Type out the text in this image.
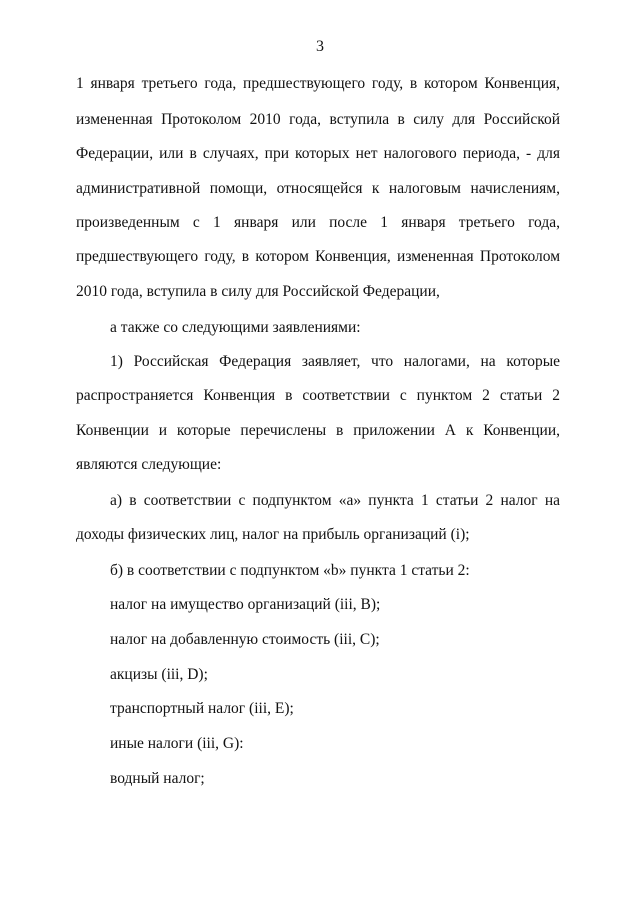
3
1 января третьего года, предшествующего году, в котором Конвенция,
измененная Протоколом 2010 года, вступила в силу для Российской
Федерации, или в случаях, при которых нет налогового периода, - для
административной помощи, относящейся к налоговым начислениям,
произведенным с 1 января или после 1 января третьего года,
предшествующего году, в котором Конвенция, измененная Протоколом
2010 года, вступила в силу для Российской Федерации,
а также со следующими заявлениями:
1) Российская Федерация заявляет, что налогами, на которые
распространяется Конвенция в соответствии с пунктом 2 статьи 2
Конвенции и которые перечислены в приложении А к Конвенции,
являются следующие:
а) в соответствии с подпунктом «а» пункта 1 статьи 2 налог на
доходы физических лиц, налог на прибыль организаций (i);
б) в соответствии с подпунктом «b» пункта 1 статьи 2:
налог на имущество организаций (iii, B);
налог на добавленную стоимость (iii, C);
акцизы (iii, D);
транспортный налог (iii, E);
иные налоги (iii, G):
водный налог;
